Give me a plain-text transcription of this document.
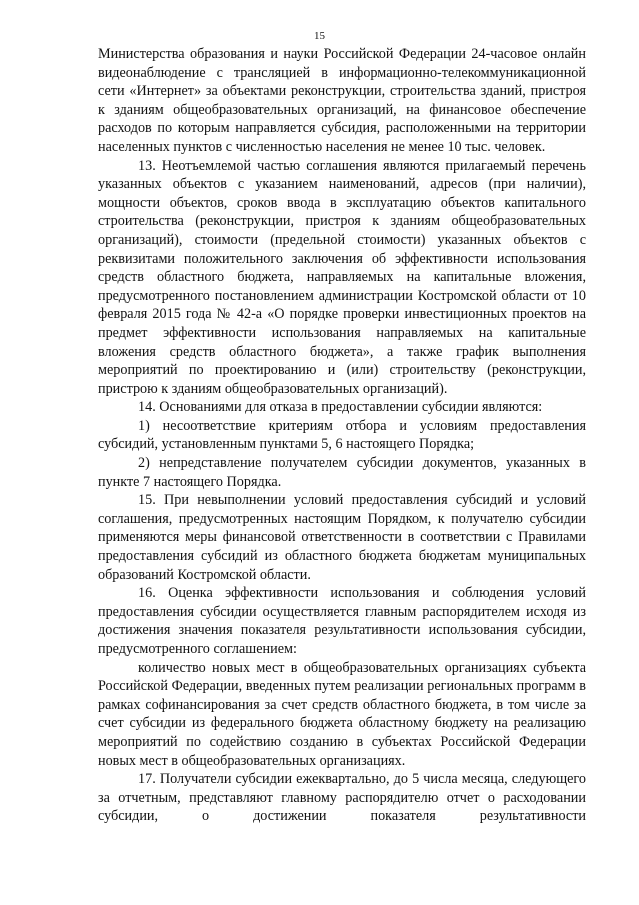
15

Министерства образования и науки Российской Федерации 24-часовое онлайн видеонаблюдение с трансляцией в информационно-телекоммуникационной сети «Интернет» за объектами реконструкции, строительства зданий, пристроя к зданиям общеобразовательных организаций, на финансовое обеспечение расходов по которым направляется субсидия, расположенными на территории населенных пунктов с численностью населения не менее 10 тыс. человек.

13. Неотъемлемой частью соглашения являются прилагаемый перечень указанных объектов с указанием наименований, адресов (при наличии), мощности объектов, сроков ввода в эксплуатацию объектов капитального строительства (реконструкции, пристроя к зданиям общеобразовательных организаций), стоимости (предельной стоимости) указанных объектов с реквизитами положительного заключения об эффективности использования средств областного бюджета, направляемых на капитальные вложения, предусмотренного постановлением администрации Костромской области от 10 февраля 2015 года № 42-а «О порядке проверки инвестиционных проектов на предмет эффективности использования направляемых на капитальные вложения средств областного бюджета», а также график выполнения мероприятий по проектированию и (или) строительству (реконструкции, пристрою к зданиям общеобразовательных организаций).

14. Основаниями для отказа в предоставлении субсидии являются:

1) несоответствие критериям отбора и условиям предоставления субсидий, установленным пунктами 5, 6 настоящего Порядка;

2) непредставление получателем субсидии документов, указанных в пункте 7 настоящего Порядка.

15. При невыполнении условий предоставления субсидий и условий соглашения, предусмотренных настоящим Порядком, к получателю субсидии применяются меры финансовой ответственности в соответствии с Правилами предоставления субсидий из областного бюджета бюджетам муниципальных образований Костромской области.

16. Оценка эффективности использования и соблюдения условий предоставления субсидии осуществляется главным распорядителем исходя из достижения значения показателя результативности использования субсидии, предусмотренного соглашением:

количество новых мест в общеобразовательных организациях субъекта Российской Федерации, введенных путем реализации региональных программ в рамках софинансирования за счет средств областного бюджета, в том числе за счет субсидии из федерального бюджета областному бюджету на реализацию мероприятий по содействию созданию в субъектах Российской Федерации новых мест в общеобразовательных организациях.

17. Получатели субсидии ежеквартально, до 5 числа месяца, следующего за отчетным, представляют главному распорядителю отчет о расходовании субсидии, о достижении показателя результативности
